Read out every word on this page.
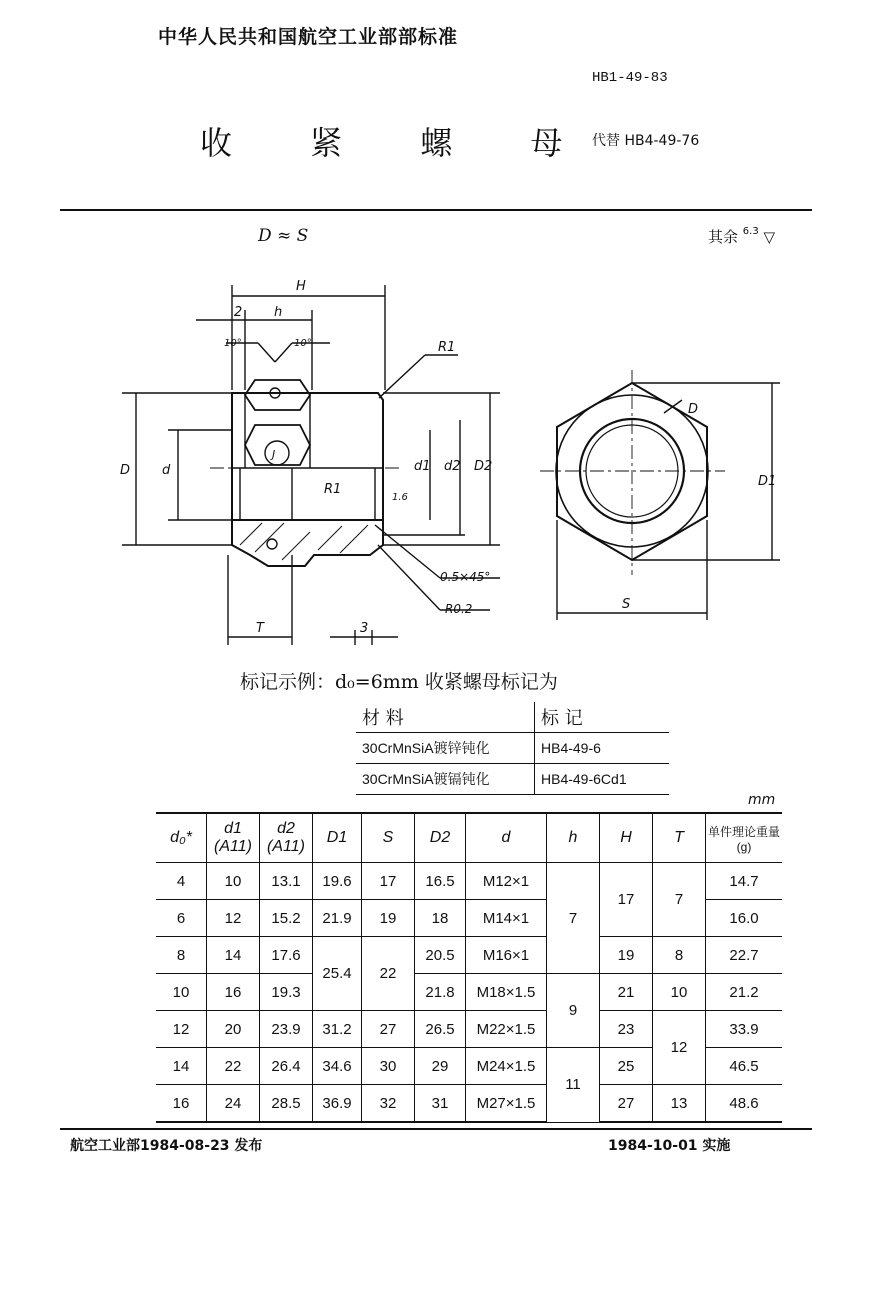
中华人民共和国航空工业部部标准
HB1-49-83
收 紧 螺 母
代替 HB4-49-76
D ≈ S	其余 $^{6.3}$ ▽
H
h
2
10°	10°	R1
R1
J
D d	d1 d2 D2
1.6
0.5×45°
R0.2
T	3
D
D1
S
标记示例：d₀=6mm 收紧螺母标记为
材 料	标 记
30CrMnSiA镀锌钝化	HB4-49-6
30CrMnSiA镀镉钝化	HB4-49-6Cd1
mm
d₀*	d1 (A11)	d2 (A11)	D1	S	D2	d	h	H	T	单件理论重量(g)
4	10	13.1	19.6	17	16.5	M12×1	7	17	7	14.7
6	12	15.2	21.9	19	18	M14×1				16.0
8	14	17.6	25.4	22	20.5	M16×1		19	8	22.7
10	16	19.3			21.8	M18×1.5	9	21	10	21.2
12	20	23.9	31.2	27	26.5	M22×1.5		23	12	33.9
14	22	26.4	34.6	30	29	M24×1.5	11	25		46.5
16	24	28.5	36.9	32	31	M27×1.5		27	13	48.6
航空工业部1984-08-23 发布	1984-10-01 实施
